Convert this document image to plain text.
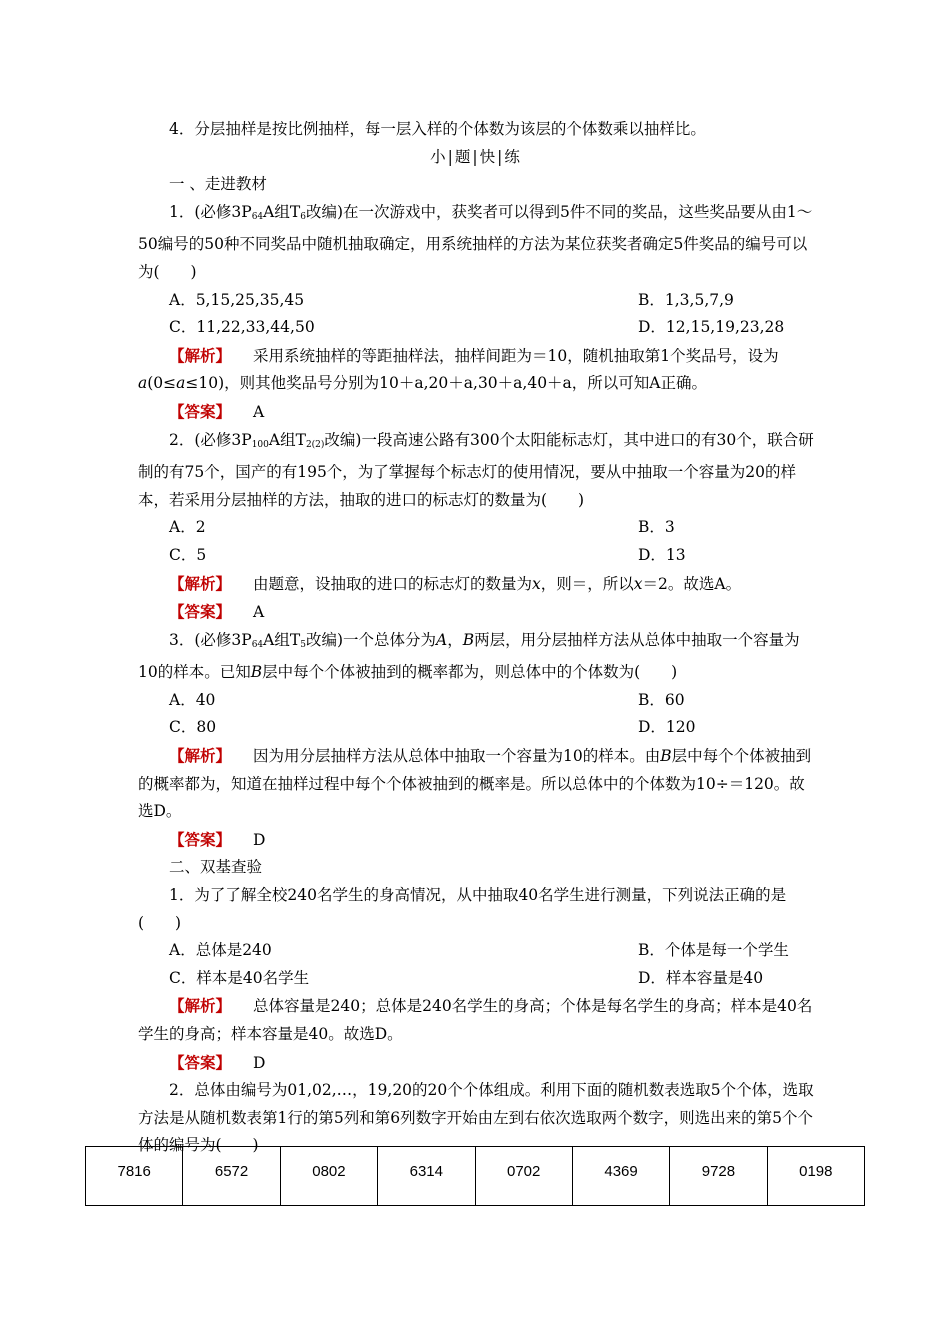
4．分层抽样是按比例抽样，每一层入样的个体数为该层的个体数乘以抽样比。

小|题|快|练

一 、走进教材

1．(必修$3P_{64}A$组$T_6$改编)在一次游戏中，获奖者可以得到5件不同的奖品，这些奖品要从由1～50编号的50种不同奖品中随机抽取确定，用系统抽样的方法为某位获奖者确定5件奖品的编号可以为(　　)

A．5,15,25,35,45	B．1,3,5,7,9
C．11,22,33,44,50	D．12,15,19,23,28

【解析】 采用系统抽样的等距抽样法，抽样间距为＝10，随机抽取第1个奖品号，设为a(0≤a≤10)，则其他奖品号分别为10＋a,20＋a,30＋a,40＋a，所以可知A正确。

【答案】 A

2．(必修$3P_{100}A$组$T_{2(2)}$改编)一段高速公路有300个太阳能标志灯，其中进口的有30个，联合研制的有75个，国产的有195个，为了掌握每个标志灯的使用情况，要从中抽取一个容量为20的样本，若采用分层抽样的方法，抽取的进口的标志灯的数量为(　　)

A．2	B．3
C．5	D．13

【解析】 由题意，设抽取的进口的标志灯的数量为x，则＝，所以x＝2。故选A。

【答案】 A

3．(必修$3P_{64}A$组$T_5$改编)一个总体分为A，B两层，用分层抽样方法从总体中抽取一个容量为10的样本。已知B层中每个个体被抽到的概率都为，则总体中的个体数为(　　)

A．40	B．60
C．80	D．120

【解析】 因为用分层抽样方法从总体中抽取一个容量为10的样本。由B层中每个个体被抽到的概率都为，知道在抽样过程中每个个体被抽到的概率是。所以总体中的个体数为10÷＝120。故选D。

【答案】 D

二、双基查验

1．为了了解全校240名学生的身高情况，从中抽取40名学生进行测量，下列说法正确的是(　　)

A．总体是240	B．个体是每一个学生
C．样本是40名学生	D．样本容量是40

【解析】 总体容量是240；总体是240名学生的身高；个体是每名学生的身高；样本是40名学生的身高；样本容量是40。故选D。

【答案】 D

2．总体由编号为01,02,…，19,20的20个个体组成。利用下面的随机数表选取5个个体，选取方法是从随机数表第1行的第5列和第6列数字开始由左到右依次选取两个数字，则选出来的第5个个体的编号为(　　)

7816	6572	0802	6314	0702	4369	9728	0198
